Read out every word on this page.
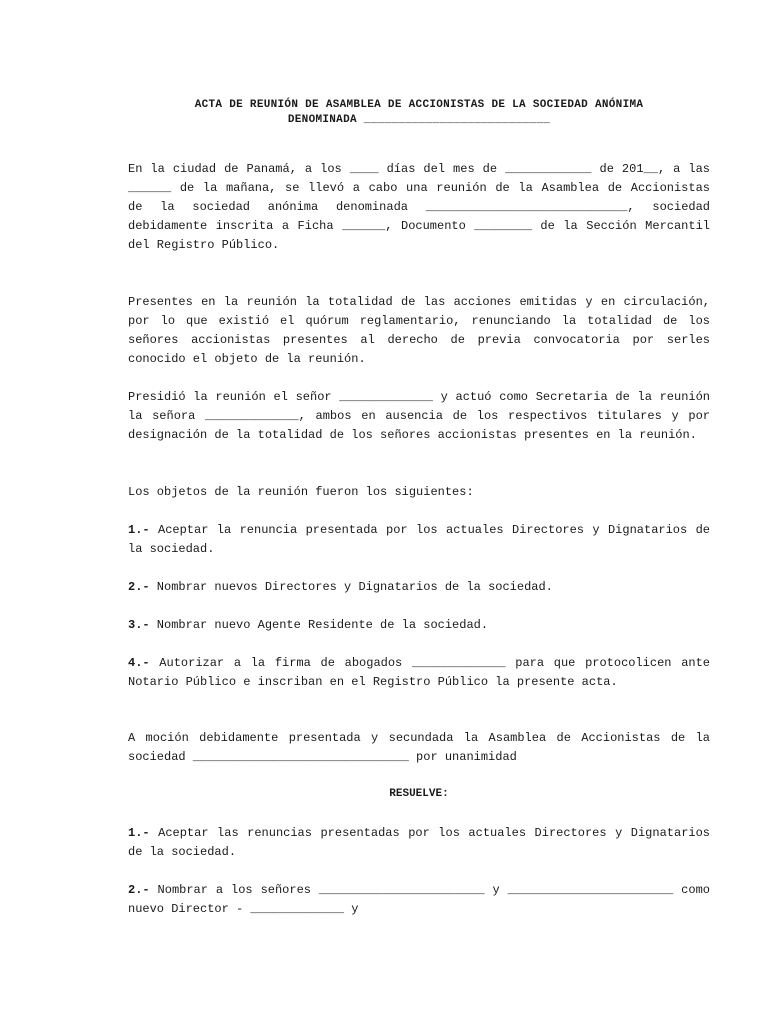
ACTA DE REUNIÓN DE ASAMBLEA DE ACCIONISTAS DE LA SOCIEDAD ANÓNIMA
DENOMINADA ___________________________

En la ciudad de Panamá, a los ____ días del mes de ____________ de 201__, a las ______ de la mañana, se llevó a cabo una reunión de la Asamblea de Accionistas de la sociedad anónima denominada ____________________________, sociedad debidamente inscrita a Ficha ______, Documento ________ de la Sección Mercantil del Registro Público.

Presentes en la reunión la totalidad de las acciones emitidas y en circulación, por lo que existió el quórum reglamentario, renunciando la totalidad de los señores accionistas presentes al derecho de previa convocatoria por serles conocido el objeto de la reunión.

Presidió la reunión el señor _____________ y actuó como Secretaria de la reunión la señora _____________, ambos en ausencia de los respectivos titulares y por designación de la totalidad de los señores accionistas presentes en la reunión.

Los objetos de la reunión fueron los siguientes:

1.- Aceptar la renuncia presentada por los actuales Directores y Dignatarios de la sociedad.

2.- Nombrar nuevos Directores y Dignatarios de la sociedad.

3.- Nombrar nuevo Agente Residente de la sociedad.

4.- Autorizar a la firma de abogados _____________ para que protocolicen ante Notario Público e inscriban en el Registro Público la presente acta.

A moción debidamente presentada y secundada la Asamblea de Accionistas de la sociedad ______________________________ por unanimidad

RESUELVE:

1.- Aceptar las renuncias presentadas por los actuales Directores y Dignatarios de la sociedad.

2.- Nombrar a los señores _______________________ y _______________________ como nuevo Director - _____________ y
